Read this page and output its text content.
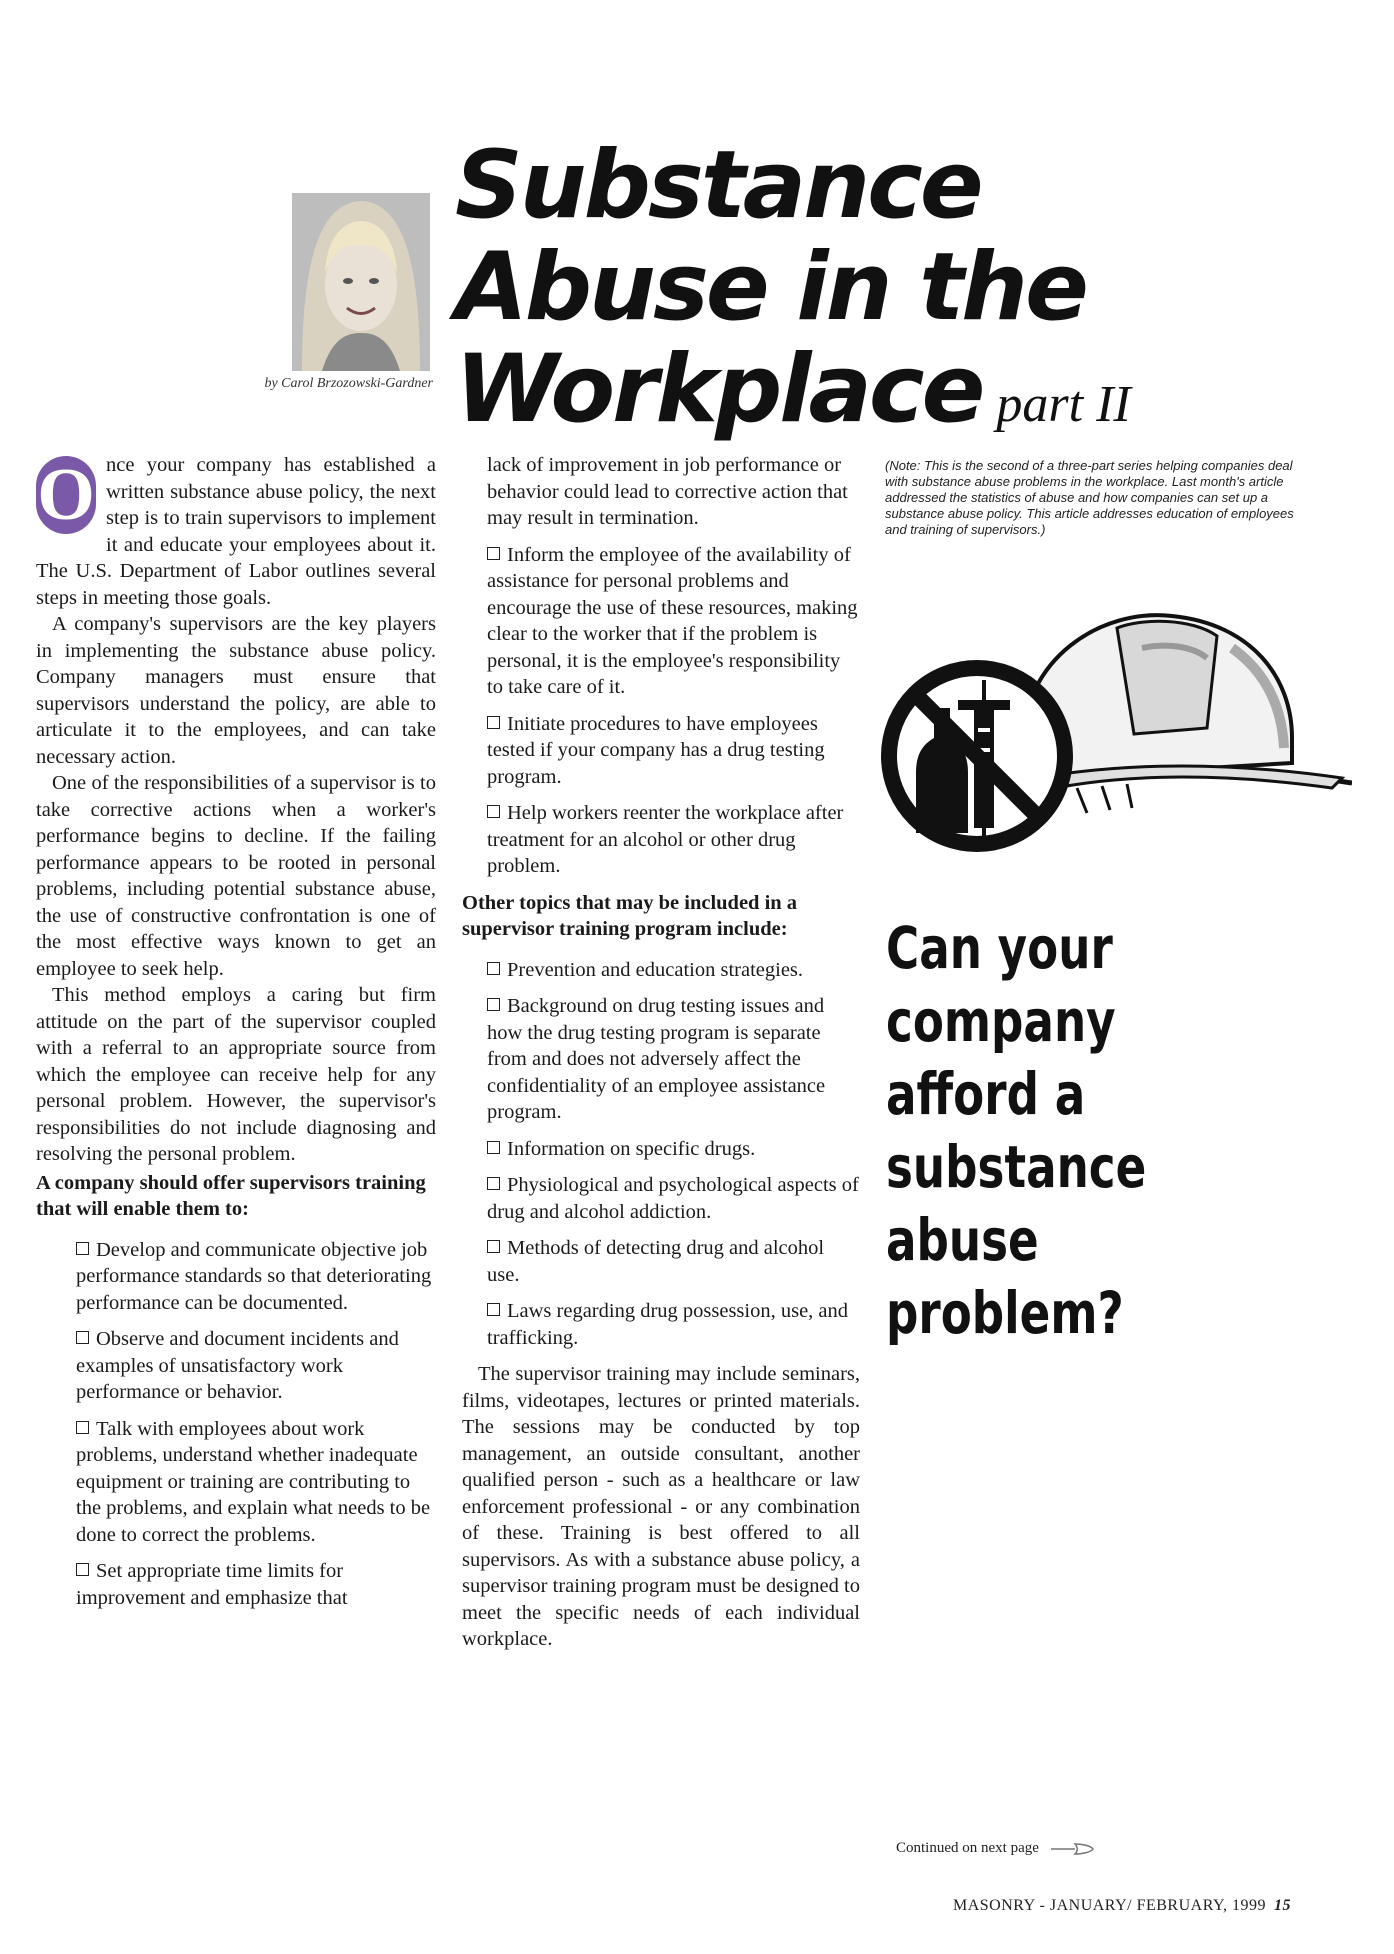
by Carol Brzozowski-Gardner
Substance
Abuse in the
Workplace part II

O nce your company has established a written substance abuse policy, the next step is to train supervisors to implement it and educate your employees about it. The U.S. Department of Labor outlines several steps in meeting those goals.

A company's supervisors are the key players in implementing the substance abuse policy. Company managers must ensure that supervisors understand the policy, are able to articulate it to the employees, and can take necessary action.

One of the responsibilities of a supervisor is to take corrective actions when a worker's performance begins to decline. If the failing performance appears to be rooted in personal problems, including potential substance abuse, the use of constructive confrontation is one of the most effective ways known to get an employee to seek help.

This method employs a caring but firm attitude on the part of the supervisor coupled with a referral to an appropriate source from which the employee can receive help for any personal problem. However, the supervisor's responsibilities do not include diagnosing and resolving the personal problem.

A company should offer supervisors training that will enable them to:

Develop and communicate objective job performance standards so that deteriorating performance can be documented.

Observe and document incidents and examples of unsatisfactory work performance or behavior.

Talk with employees about work problems, understand whether inadequate equipment or training are contributing to the problems, and explain what needs to be done to correct the problems.

Set appropriate time limits for improvement and emphasize that

lack of improvement in job performance or behavior could lead to corrective action that may result in termination.

Inform the employee of the availability of assistance for personal problems and encourage the use of these resources, making clear to the worker that if the problem is personal, it is the employee's responsibility to take care of it.

Initiate procedures to have employees tested if your company has a drug testing program.

Help workers reenter the workplace after treatment for an alcohol or other drug problem.

Other topics that may be included in a supervisor training program include:

Prevention and education strategies.

Background on drug testing issues and how the drug testing program is separate from and does not adversely affect the confidentiality of an employee assistance program.

Information on specific drugs.

Physiological and psychological aspects of drug and alcohol addiction.

Methods of detecting drug and alcohol use.

Laws regarding drug possession, use, and trafficking.

The supervisor training may include seminars, films, videotapes, lectures or printed materials. The sessions may be conducted by top management, an outside consultant, another qualified person - such as a healthcare or law enforcement professional - or any combination of these. Training is best offered to all supervisors. As with a substance abuse policy, a supervisor training program must be designed to meet the specific needs of each individual workplace.

(Note: This is the second of a three-part series helping companies deal with substance abuse problems in the workplace. Last month's article addressed the statistics of abuse and how companies can set up a substance abuse policy. This article addresses education of employees and training of supervisors.)
Can your
company
afford a
substance
abuse
problem?
Continued on next page
MASONRY - JANUARY/ FEBRUARY, 1999 15
